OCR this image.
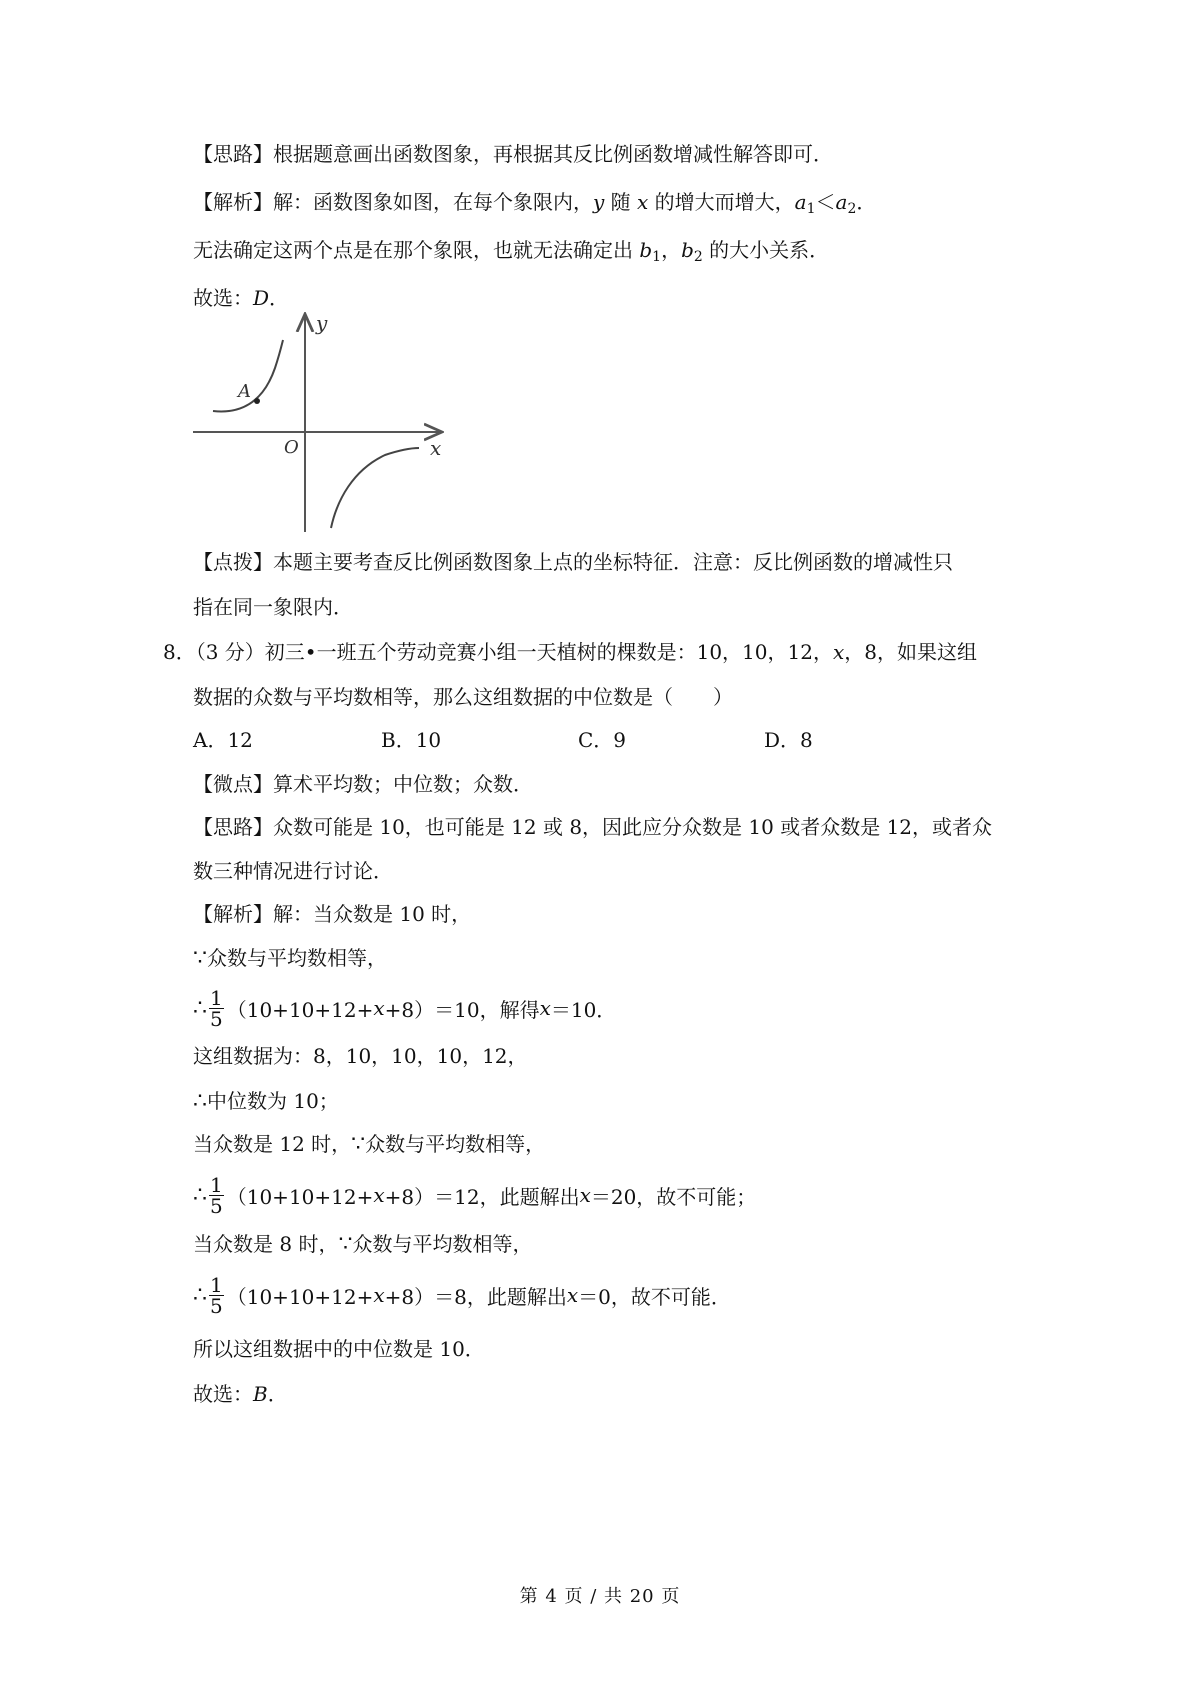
【思路】根据题意画出函数图象，再根据其反比例函数增减性解答即可．
【解析】解：函数图象如图，在每个象限内，y 随 x 的增大而增大，$a_1<a_2$．
无法确定这两个点是在那个象限，也就无法确定出 $b_1$，$b_2$ 的大小关系．
故选：D．
A
O
y
x
【点拨】本题主要考查反比例函数图象上点的坐标特征．注意：反比例函数的增减性只
指在同一象限内．
8．（3 分）初三•一班五个劳动竞赛小组一天植树的棵数是：10，10，12，x，8，如果这组
数据的众数与平均数相等，那么这组数据的中位数是（　　）
A．12	B．10	C．9	D．8
【微点】算术平均数；中位数；众数．
【思路】众数可能是 10，也可能是 12 或 8，因此应分众数是 10 或者众数是 12，或者众
数三种情况进行讨论．
【解析】解：当众数是 10 时，
∵众数与平均数相等，
∴ $\frac{1}{5} (10+10+12+ x +8)=10$，解得 x ＝10．
这组数据为：8，10，10，10，12，
∴中位数为 10；
当众数是 12 时，∵众数与平均数相等，
∴ $\frac{1}{5} (10+10+12+ x +8)=12$，此题解出 x ＝20，故不可能；
当众数是 8 时，∵众数与平均数相等，
∴ $\frac{1}{5} (10+10+12+ x +8)=8$，此题解出 x ＝0，故不可能．
所以这组数据中的中位数是 10．
故选：B．
第 4 页 / 共 20 页
